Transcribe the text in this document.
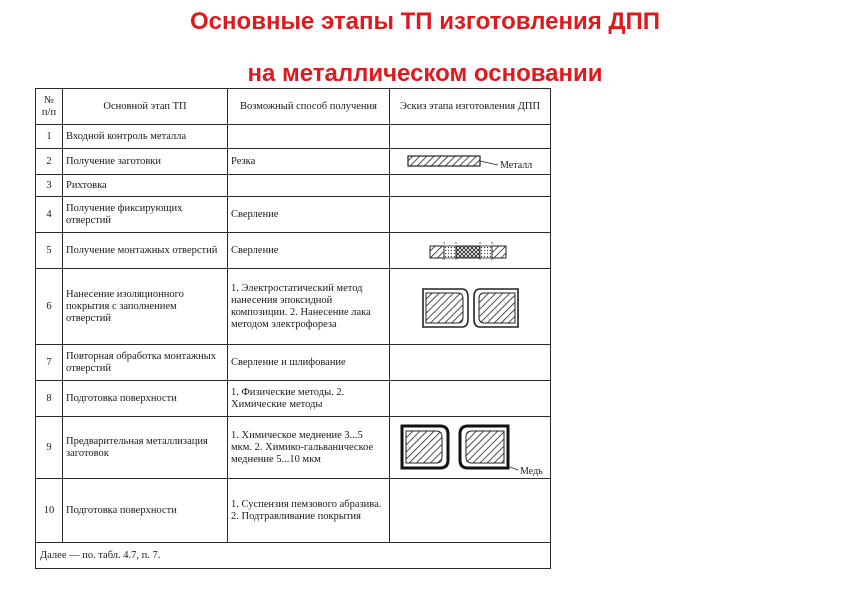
Основные этапы ТП изготовления ДПП
на металлическом основании
№ п/п	Основной этап ТП	Возможный способ получения	Эскиз этапа изготовления ДПП
1	Входной контроль металла		
2	Получение заготовки	Резка	Металл

3	Рихтовка		
4	Получение фиксирующих отверстий	Сверление	
5	Получение монтажных отверстий	Сверление	

6	Нанесение изоляционного покрытия с заполнением отверстий	1. Электростатический метод нанесения эпоксидной композиции. 2. Нанесение лака методом электрофореза	

7	Повторная обработка монтажных отверстий	Сверление и шлифование	
8	Подготовка поверхности	1. Физические методы. 2. Химические методы	
9	Предварительная металлизация заготовок	1. Химическое меднение 3...5 мкм. 2. Химико-гальваническое меднение 5...10 мкм	Медь

10	Подготовка поверхности	1. Суспензия пемзового абразива. 2. Подтравливание покрытия	
Далее — по. табл. 4.7, п. 7.			
